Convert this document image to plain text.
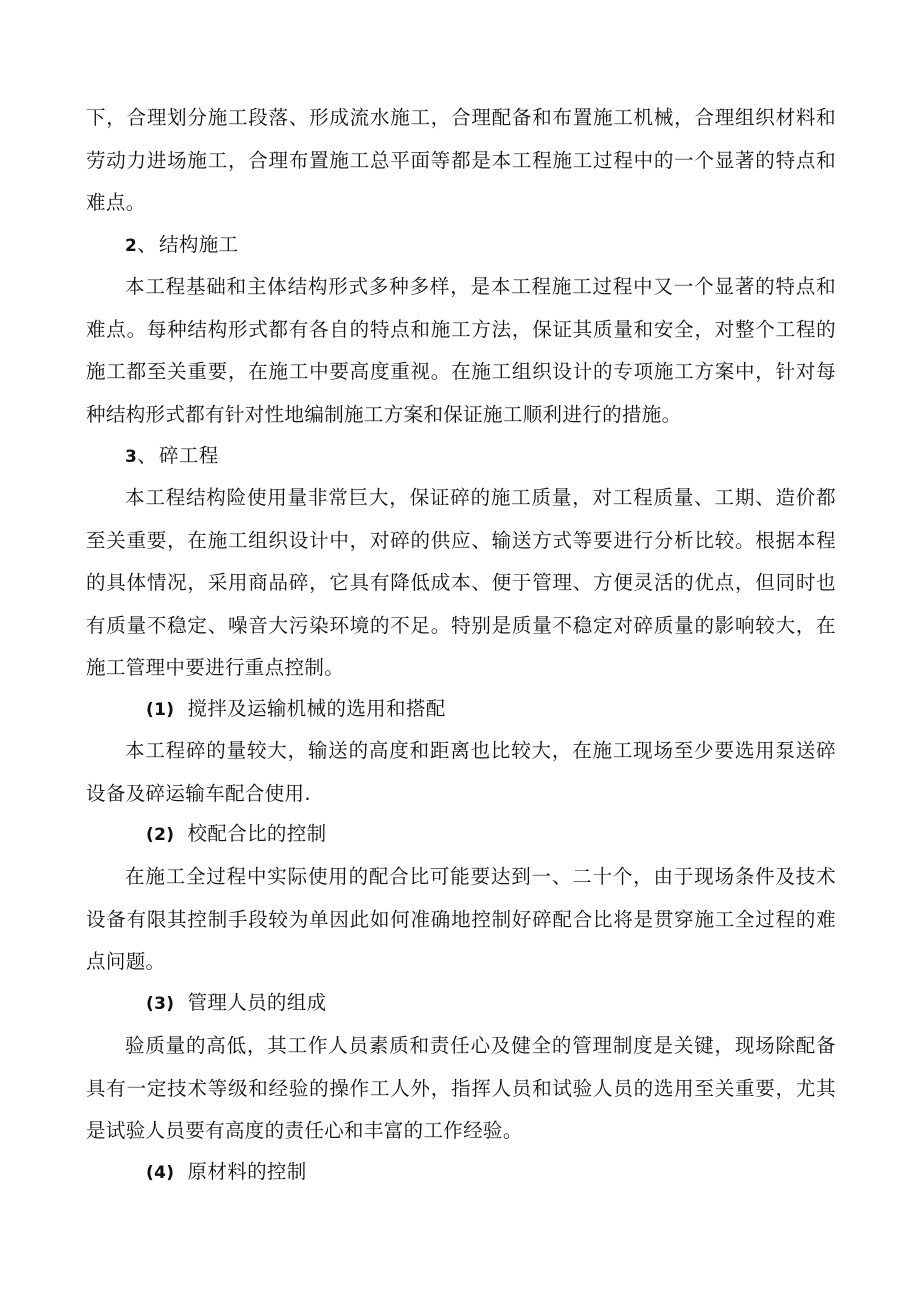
下，合理划分施工段落、形成流水施工，合理配备和布置施工机械，合理组织材料和劳动力进场施工，合理布置施工总平面等都是本工程施工过程中的一个显著的特点和难点。

2、 结构施工

本工程基础和主体结构形式多种多样，是本工程施工过程中又一个显著的特点和难点。每种结构形式都有各自的特点和施工方法，保证其质量和安全，对整个工程的施工都至关重要，在施工中要高度重视。在施工组织设计的专项施工方案中，针对每种结构形式都有针对性地编制施工方案和保证施工顺利进行的措施。

3、 碎工程

本工程结构险使用量非常巨大，保证碎的施工质量，对工程质量、工期、造价都至关重要，在施工组织设计中，对碎的供应、输送方式等要进行分析比较。根据本程的具体情况，采用商品碎，它具有降低成本、便于管理、方便灵活的优点，但同时也有质量不稳定、噪音大污染环境的不足。特别是质量不稳定对碎质量的影响较大，在施工管理中要进行重点控制。

(1) 搅拌及运输机械的选用和搭配

本工程碎的量较大，输送的高度和距离也比较大，在施工现场至少要选用泵送碎设备及碎运输车配合使用.

(2) 校配合比的控制

在施工全过程中实际使用的配合比可能要达到一、二十个，由于现场条件及技术设备有限其控制手段较为单因此如何准确地控制好碎配合比将是贯穿施工全过程的难点问题。

(3) 管理人员的组成

验质量的高低，其工作人员素质和责任心及健全的管理制度是关键，现场除配备具有一定技术等级和经验的操作工人外，指挥人员和试验人员的选用至关重要，尤其是试验人员要有高度的责任心和丰富的工作经验。

(4) 原材料的控制
